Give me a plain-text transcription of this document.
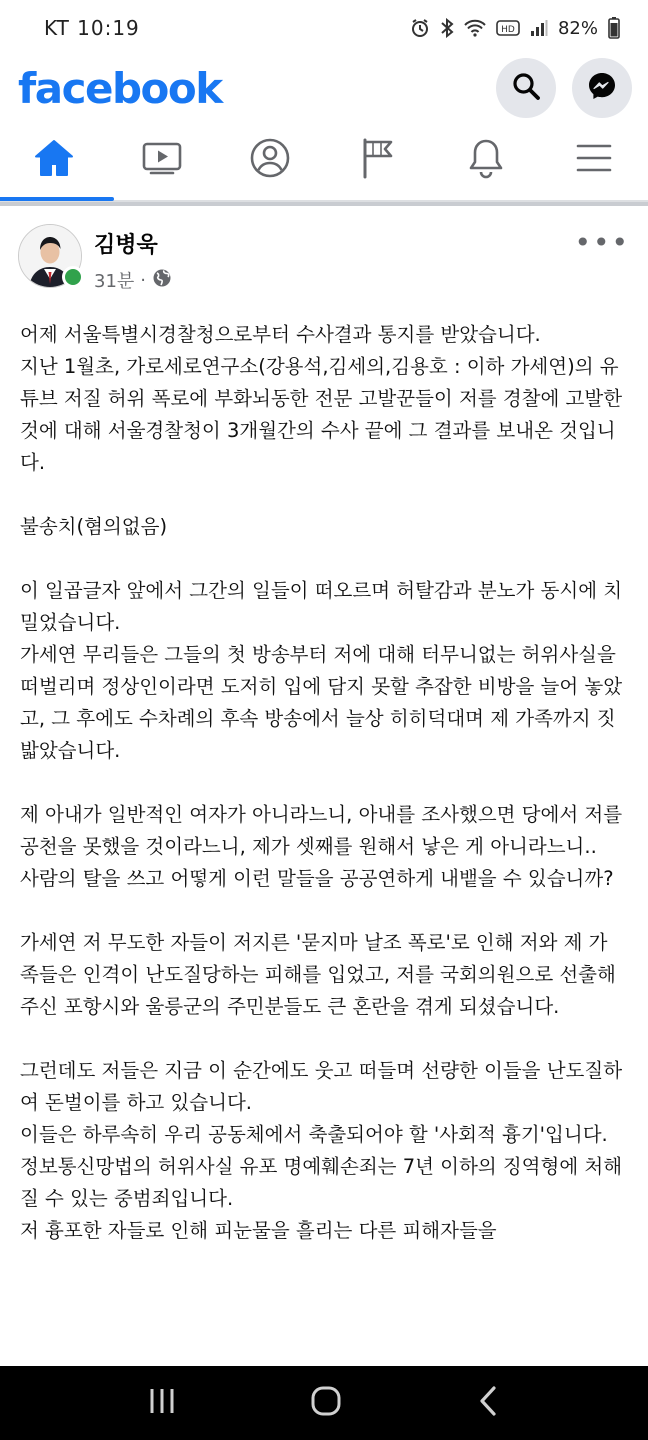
KT 10:19	HD 82%
facebook
김병욱
31분 ·
•••

어제 서울특별시경찰청으로부터 수사결과 통지를 받았습니다.
지난 1월초, 가로세로연구소(강용석,김세의,김용호 : 이하 가세연)의 유튜브 저질 허위 폭로에 부화뇌동한 전문 고발꾼들이 저를 경찰에 고발한 것에 대해 서울경찰청이 3개월간의 수사 끝에 그 결과를 보내온 것입니다.

불송치(혐의없음)

이 일곱글자 앞에서 그간의 일들이 떠오르며 허탈감과 분노가 동시에 치밀었습니다.
가세연 무리들은 그들의 첫 방송부터 저에 대해 터무니없는 허위사실을 떠벌리며 정상인이라면 도저히 입에 담지 못할 추잡한 비방을 늘어 놓았고, 그 후에도 수차례의 후속 방송에서 늘상 히히덕대며 제 가족까지 짓밟았습니다.

제 아내가 일반적인 여자가 아니라느니, 아내를 조사했으면 당에서 저를 공천을 못했을 것이라느니, 제가 셋째를 원해서 낳은 게 아니라느니..
사람의 탈을 쓰고 어떻게 이런 말들을 공공연하게 내뱉을 수 있습니까?

가세연 저 무도한 자들이 저지른 '묻지마 날조 폭로'로 인해 저와 제 가족들은 인격이 난도질당하는 피해를 입었고, 저를 국회의원으로 선출해 주신 포항시와 울릉군의 주민분들도 큰 혼란을 겪게 되셨습니다.

그런데도 저들은 지금 이 순간에도 웃고 떠들며 선량한 이들을 난도질하여 돈벌이를 하고 있습니다.
이들은 하루속히 우리 공동체에서 축출되어야 할 '사회적 흉기'입니다.
정보통신망법의 허위사실 유포 명예훼손죄는 7년 이하의 징역형에 처해 질 수 있는 중범죄입니다.
저 흉포한 자들로 인해 피눈물을 흘리는 다른 피해자들을
